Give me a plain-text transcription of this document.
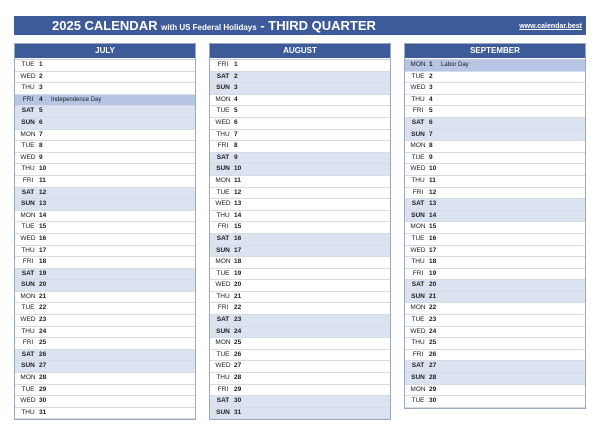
2025 CALENDAR with US Federal Holidays - THIRD QUARTER	www.calendar.best
JULY
TUE 1
WED 2
THU 3
FRI 4 Independence Day
SAT 5
SUN 6
MON 7
TUE 8
WED 9
THU 10
FRI 11
SAT 12
SUN 13
MON 14
TUE 15
WED 16
THU 17
FRI 18
SAT 19
SUN 20
MON 21
TUE 22
WED 23
THU 24
FRI 25
SAT 26
SUN 27
MON 28
TUE 29
WED 30
THU 31
AUGUST
FRI 1
SAT 2
SUN 3
MON 4
TUE 5
WED 6
THU 7
FRI 8
SAT 9
SUN 10
MON 11
TUE 12
WED 13
THU 14
FRI 15
SAT 16
SUN 17
MON 18
TUE 19
WED 20
THU 21
FRI 22
SAT 23
SUN 24
MON 25
TUE 26
WED 27
THU 28
FRI 29
SAT 30
SUN 31
SEPTEMBER
MON 1 Labor Day
TUE 2
WED 3
THU 4
FRI 5
SAT 6
SUN 7
MON 8
TUE 9
WED 10
THU 11
FRI 12
SAT 13
SUN 14
MON 15
TUE 16
WED 17
THU 18
FRI 19
SAT 20
SUN 21
MON 22
TUE 23
WED 24
THU 25
FRI 26
SAT 27
SUN 28
MON 29
TUE 30
